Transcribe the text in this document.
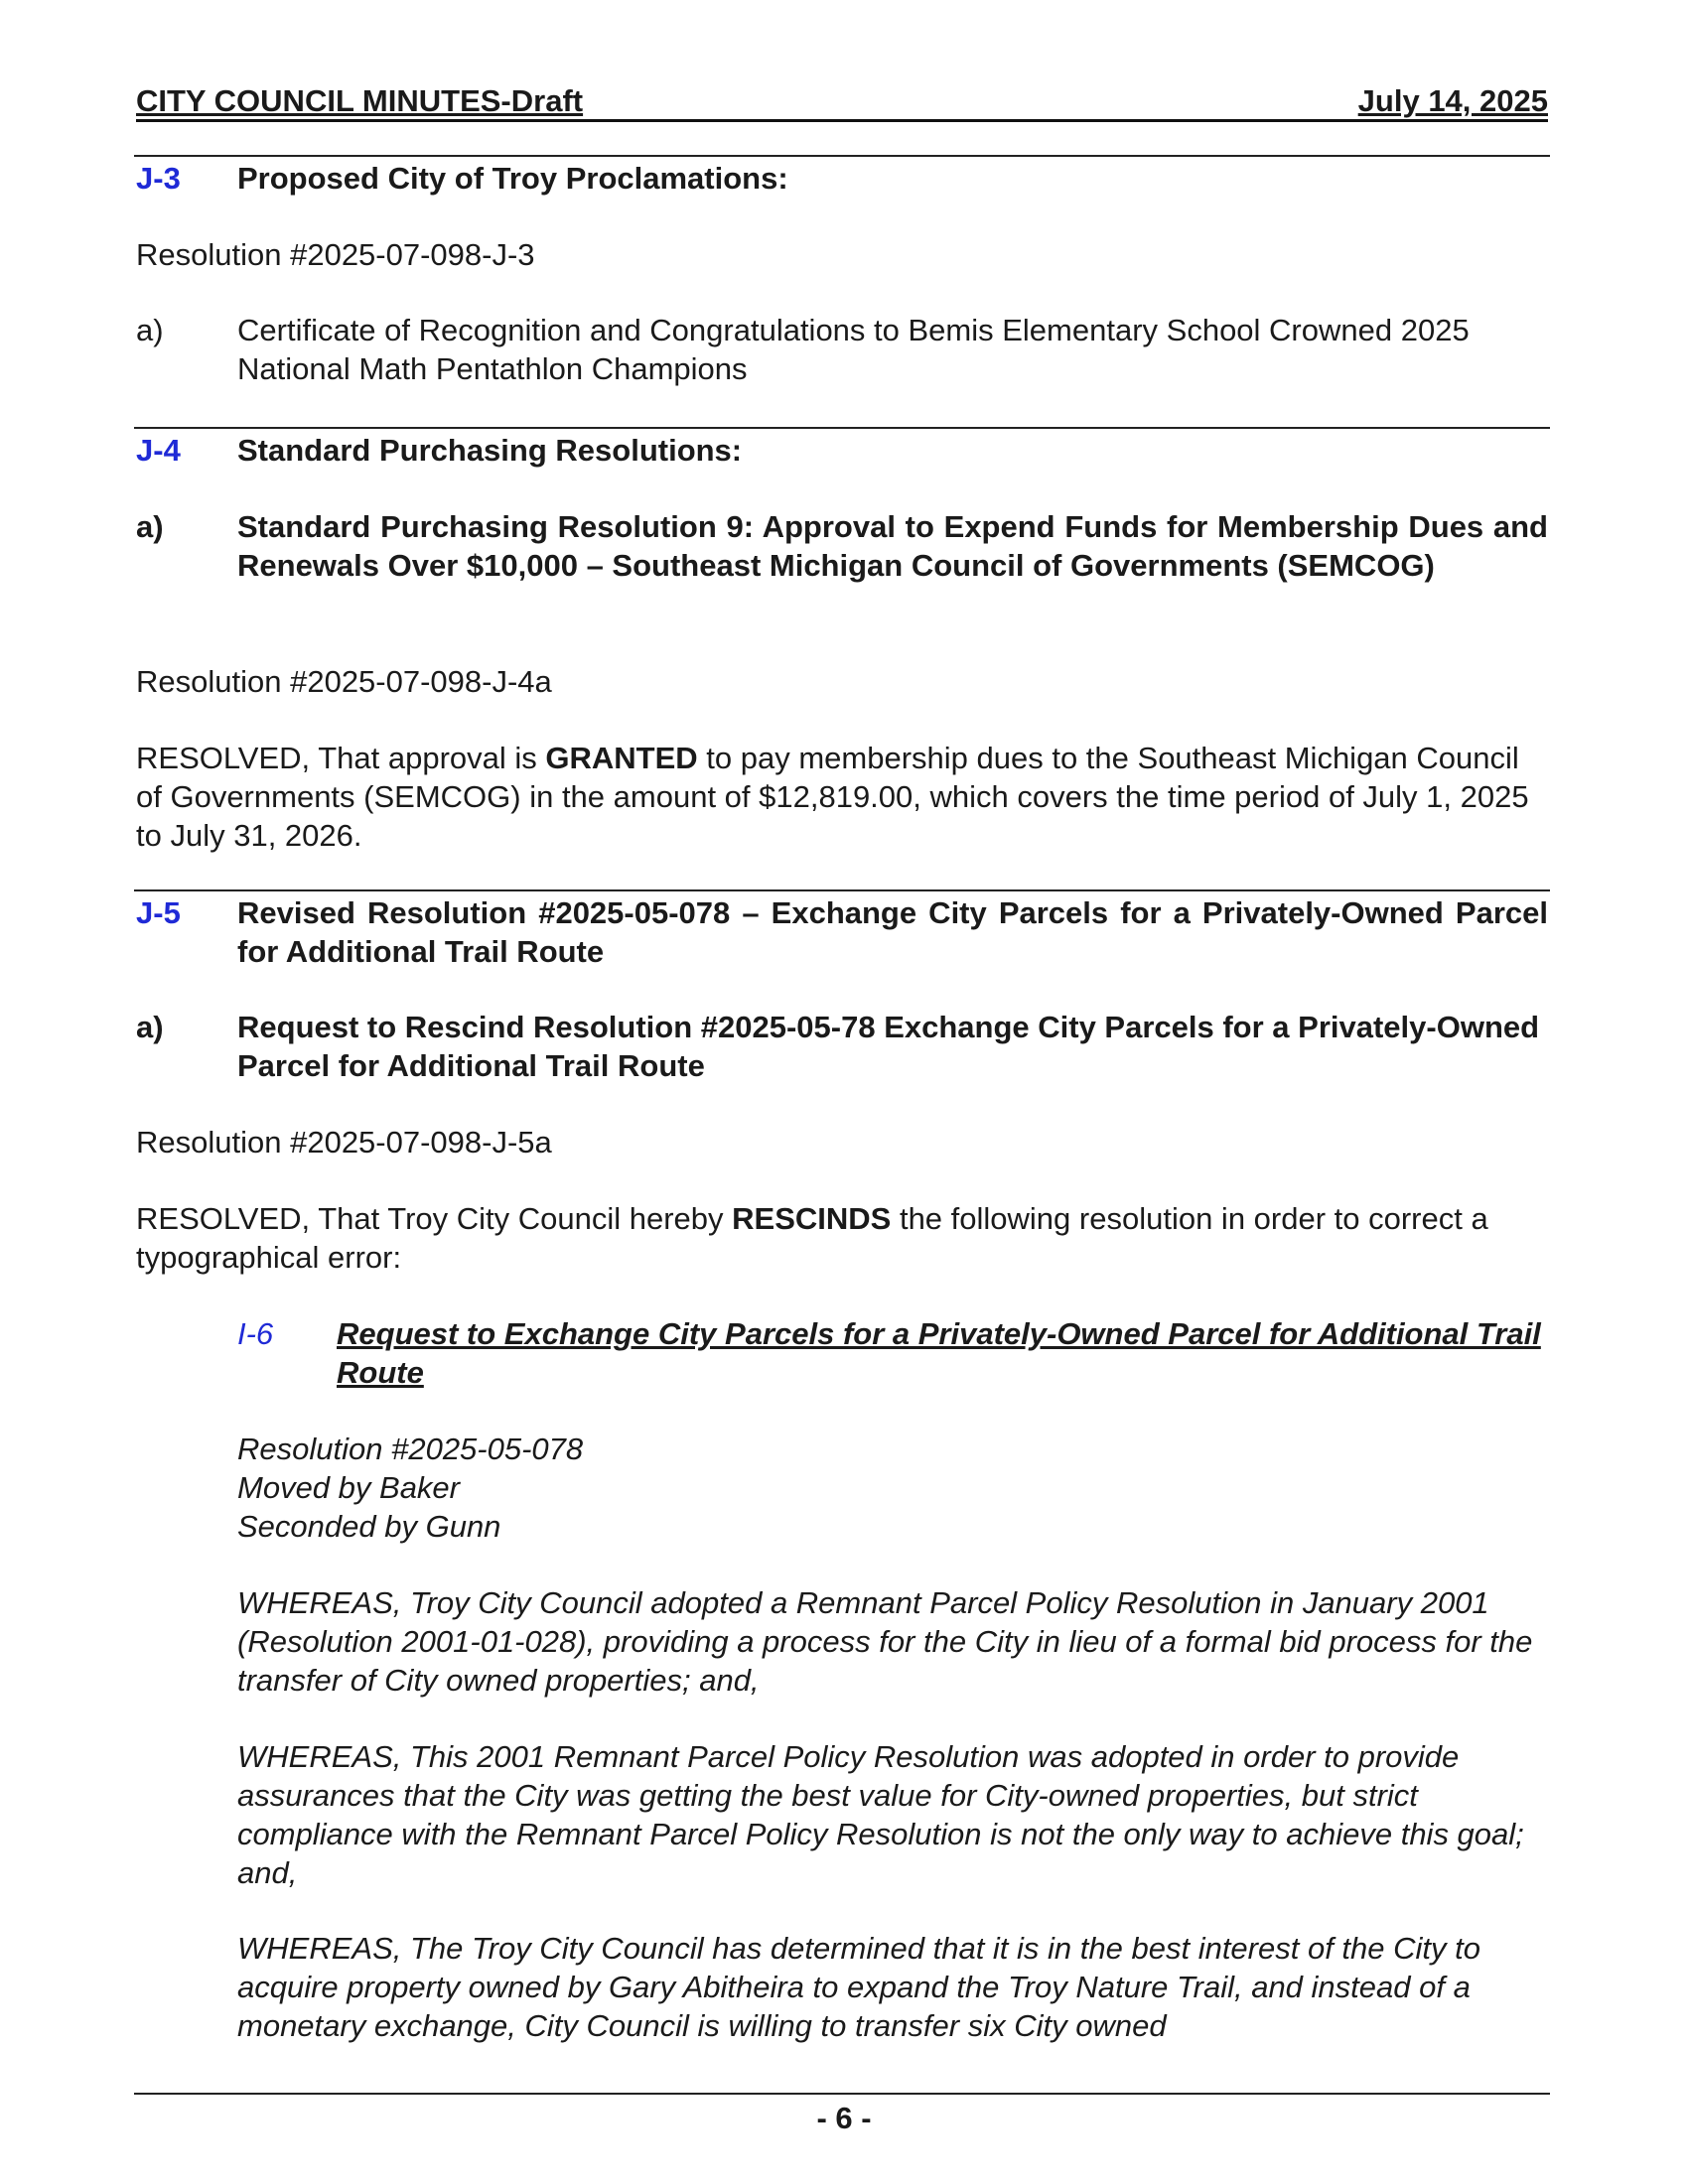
CITY COUNCIL MINUTES-Draft	July 14, 2025
J-3 Proposed City of Troy Proclamations:
Resolution #2025-07-098-J-3
a) Certificate of Recognition and Congratulations to Bemis Elementary School Crowned 2025 National Math Pentathlon Champions
J-4 Standard Purchasing Resolutions:
a) Standard Purchasing Resolution 9: Approval to Expend Funds for Membership Dues and Renewals Over $10,000 – Southeast Michigan Council of Governments (SEMCOG)
Resolution #2025-07-098-J-4a
RESOLVED, That approval is GRANTED to pay membership dues to the Southeast Michigan Council of Governments (SEMCOG) in the amount of $12,819.00, which covers the time period of July 1, 2025 to July 31, 2026.
J-5 Revised Resolution #2025-05-078 – Exchange City Parcels for a Privately-Owned Parcel for Additional Trail Route
a) Request to Rescind Resolution #2025-05-78 Exchange City Parcels for a Privately-Owned Parcel for Additional Trail Route
Resolution #2025-07-098-J-5a
RESOLVED, That Troy City Council hereby RESCINDS the following resolution in order to correct a typographical error:
I-6 Request to Exchange City Parcels for a Privately-Owned Parcel for Additional Trail Route
Resolution #2025-05-078
Moved by Baker
Seconded by Gunn
WHEREAS, Troy City Council adopted a Remnant Parcel Policy Resolution in January 2001 (Resolution 2001-01-028), providing a process for the City in lieu of a formal bid process for the transfer of City owned properties; and,
WHEREAS, This 2001 Remnant Parcel Policy Resolution was adopted in order to provide assurances that the City was getting the best value for City-owned properties, but strict compliance with the Remnant Parcel Policy Resolution is not the only way to achieve this goal; and,
WHEREAS, The Troy City Council has determined that it is in the best interest of the City to acquire property owned by Gary Abitheira to expand the Troy Nature Trail, and instead of a monetary exchange, City Council is willing to transfer six City owned
- 6 -
